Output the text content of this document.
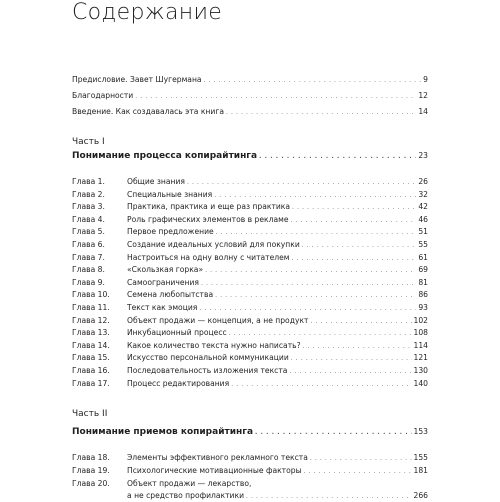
Содержание
Предисловие. Завет Шугермана . . .	9
Благодарности . . .	12
Введение. Как создавалась эта книга . . .	14
Часть I
Понимание процесса копирайтинга . . .	23
Глава 1.	Общие знания . . .	26
Глава 2.	Специальные знания . . .	32
Глава 3.	Практика, практика и еще раз практика . . .	42
Глава 4.	Роль графических элементов в рекламе . . .	46
Глава 5.	Первое предложение . . .	51
Глава 6.	Создание идеальных условий для покупки . . .	55
Глава 7.	Настроиться на одну волну с читателем . . .	61
Глава 8.	«Скользкая горка» . . .	69
Глава 9.	Самоограничения . . .	81
Глава 10.	Семена любопытства . . .	86
Глава 11.	Текст как эмоция . . .	93
Глава 12.	Объект продажи — концепция, а не продукт . . .	102
Глава 13.	Инкубационный процесс . . .	108
Глава 14.	Какое количество текста нужно написать? . . .	114
Глава 15.	Искусство персональной коммуникации . . .	121
Глава 16.	Последовательность изложения текста . . .	130
Глава 17.	Процесс редактирования . . .	140
Часть II
Понимание приемов копирайтинга . . .	153
Глава 18.	Элементы эффективного рекламного текста . . .	155
Глава 19.	Психологические мотивационные факторы . . .	181
Глава 20.	Объект продажи — лекарство,
а не средство профилактики . . .	266
